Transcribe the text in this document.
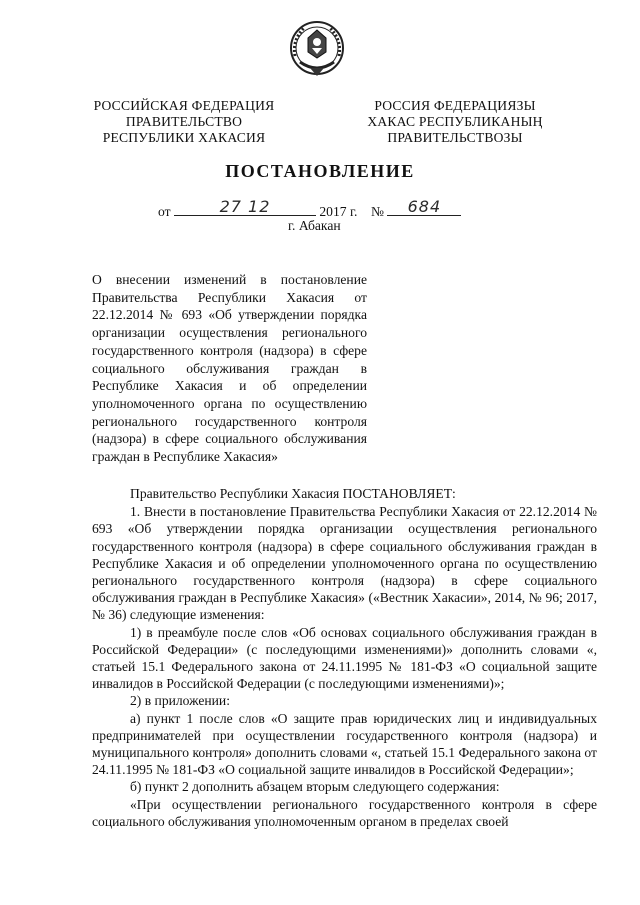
РОССИЙСКАЯ ФЕДЕРАЦИЯ
ПРАВИТЕЛЬСТВО
РЕСПУБЛИКИ ХАКАСИЯ
РОССИЯ ФЕДЕРАЦИЯЗЫ
ХАКАС РЕСПУБЛИКАНЫҢ
ПРАВИТЕЛЬСТВОЗЫ
ПОСТАНОВЛЕНИЕ
от	27 12	2017 г. №	684
г. Абакан
О внесении изменений в постановление Правительства Республики Хакасия от 22.12.2014 № 693 «Об утверждении порядка организации осуществления регионального государственного контроля (надзора) в сфере социального обслуживания граждан в Республике Хакасия и об определении уполномоченного органа по осуществлению регионального государственного контроля (надзора) в сфере социального обслуживания граждан в Республике Хакасия»

Правительство Республики Хакасия ПОСТАНОВЛЯЕТ:

1. Внести в постановление Правительства Республики Хакасия от 22.12.2014 № 693 «Об утверждении порядка организации осуществления регионального государственного контроля (надзора) в сфере социального обслуживания граждан в Республике Хакасия и об определении уполномоченного органа по осуществлению регионального государственного контроля (надзора) в сфере социального обслуживания граждан в Республике Хакасия» («Вестник Хакасии», 2014, № 96; 2017, № 36) следующие изменения:

1) в преамбуле после слов «Об основах социального обслуживания граждан в Российской Федерации» (с последующими изменениями)» дополнить словами «, статьей 15.1 Федерального закона от 24.11.1995 № 181-ФЗ «О социальной защите инвалидов в Российской Федерации (с последующими изменениями)»;

2) в приложении:

а) пункт 1 после слов «О защите прав юридических лиц и индивидуальных предпринимателей при осуществлении государственного контроля (надзора) и муниципального контроля» дополнить словами «, статьей 15.1 Федерального закона от 24.11.1995 № 181-ФЗ «О социальной защите инвалидов в Российской Федерации»;

б) пункт 2 дополнить абзацем вторым следующего содержания:

«При осуществлении регионального государственного контроля в сфере социального обслуживания уполномоченным органом в пределах своей
